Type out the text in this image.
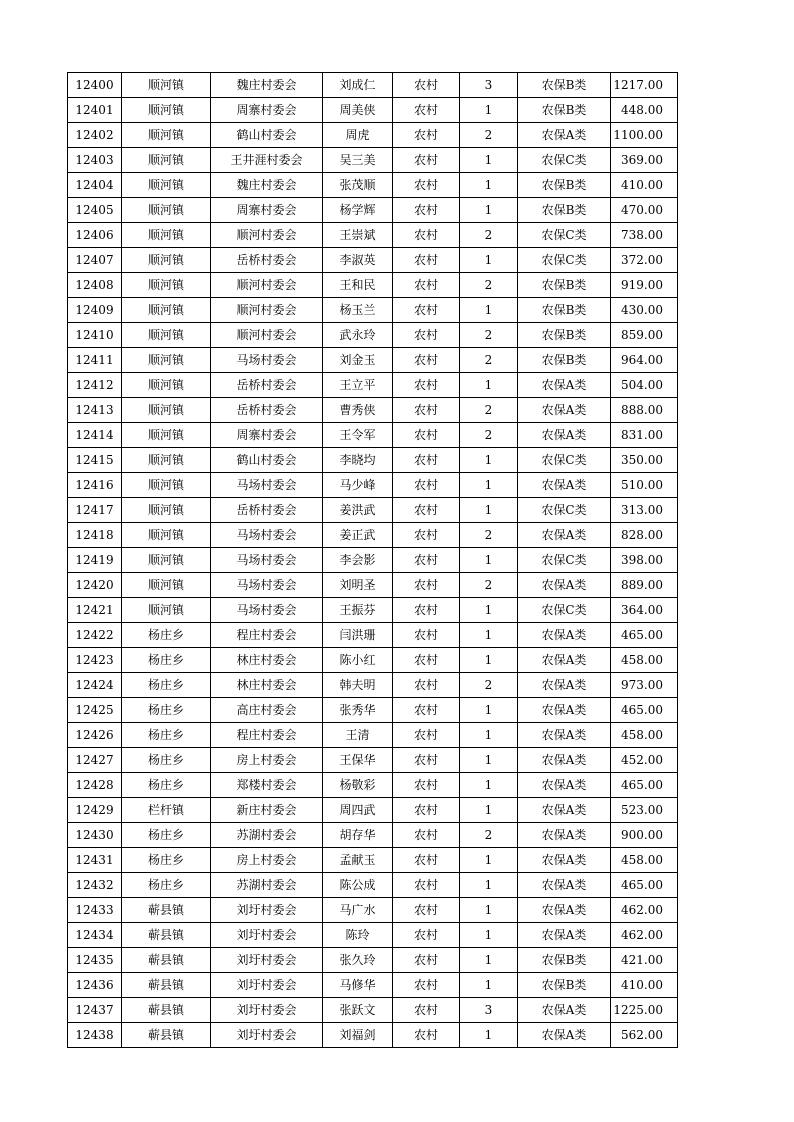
12400	顺河镇	魏庄村委会	刘成仁	农村	3	农保B类	1217.00
12401	顺河镇	周寨村委会	周美侠	农村	1	农保B类	448.00
12402	顺河镇	鹤山村委会	周虎	农村	2	农保A类	1100.00
12403	顺河镇	王井涯村委会	吴三美	农村	1	农保C类	369.00
12404	顺河镇	魏庄村委会	张茂顺	农村	1	农保B类	410.00
12405	顺河镇	周寨村委会	杨学辉	农村	1	农保B类	470.00
12406	顺河镇	顺河村委会	王崇斌	农村	2	农保C类	738.00
12407	顺河镇	岳桥村委会	李淑英	农村	1	农保C类	372.00
12408	顺河镇	顺河村委会	王和民	农村	2	农保B类	919.00
12409	顺河镇	顺河村委会	杨玉兰	农村	1	农保B类	430.00
12410	顺河镇	顺河村委会	武永玲	农村	2	农保B类	859.00
12411	顺河镇	马场村委会	刘金玉	农村	2	农保B类	964.00
12412	顺河镇	岳桥村委会	王立平	农村	1	农保A类	504.00
12413	顺河镇	岳桥村委会	曹秀侠	农村	2	农保A类	888.00
12414	顺河镇	周寨村委会	王令军	农村	2	农保A类	831.00
12415	顺河镇	鹤山村委会	李晓均	农村	1	农保C类	350.00
12416	顺河镇	马场村委会	马少峰	农村	1	农保A类	510.00
12417	顺河镇	岳桥村委会	姜洪武	农村	1	农保C类	313.00
12418	顺河镇	马场村委会	姜正武	农村	2	农保A类	828.00
12419	顺河镇	马场村委会	李会影	农村	1	农保C类	398.00
12420	顺河镇	马场村委会	刘明圣	农村	2	农保A类	889.00
12421	顺河镇	马场村委会	王振芬	农村	1	农保C类	364.00
12422	杨庄乡	程庄村委会	闫洪珊	农村	1	农保A类	465.00
12423	杨庄乡	林庄村委会	陈小红	农村	1	农保A类	458.00
12424	杨庄乡	林庄村委会	韩夫明	农村	2	农保A类	973.00
12425	杨庄乡	高庄村委会	张秀华	农村	1	农保A类	465.00
12426	杨庄乡	程庄村委会	王清	农村	1	农保A类	458.00
12427	杨庄乡	房上村委会	王保华	农村	1	农保A类	452.00
12428	杨庄乡	郑楼村委会	杨敬彩	农村	1	农保A类	465.00
12429	栏杆镇	新庄村委会	周四武	农村	1	农保A类	523.00
12430	杨庄乡	苏湖村委会	胡存华	农村	2	农保A类	900.00
12431	杨庄乡	房上村委会	孟献玉	农村	1	农保A类	458.00
12432	杨庄乡	苏湖村委会	陈公成	农村	1	农保A类	465.00
12433	蕲县镇	刘圩村委会	马广水	农村	1	农保A类	462.00
12434	蕲县镇	刘圩村委会	陈玲	农村	1	农保A类	462.00
12435	蕲县镇	刘圩村委会	张久玲	农村	1	农保B类	421.00
12436	蕲县镇	刘圩村委会	马修华	农村	1	农保B类	410.00
12437	蕲县镇	刘圩村委会	张跃文	农村	3	农保A类	1225.00
12438	蕲县镇	刘圩村委会	刘福剑	农村	1	农保A类	562.00
